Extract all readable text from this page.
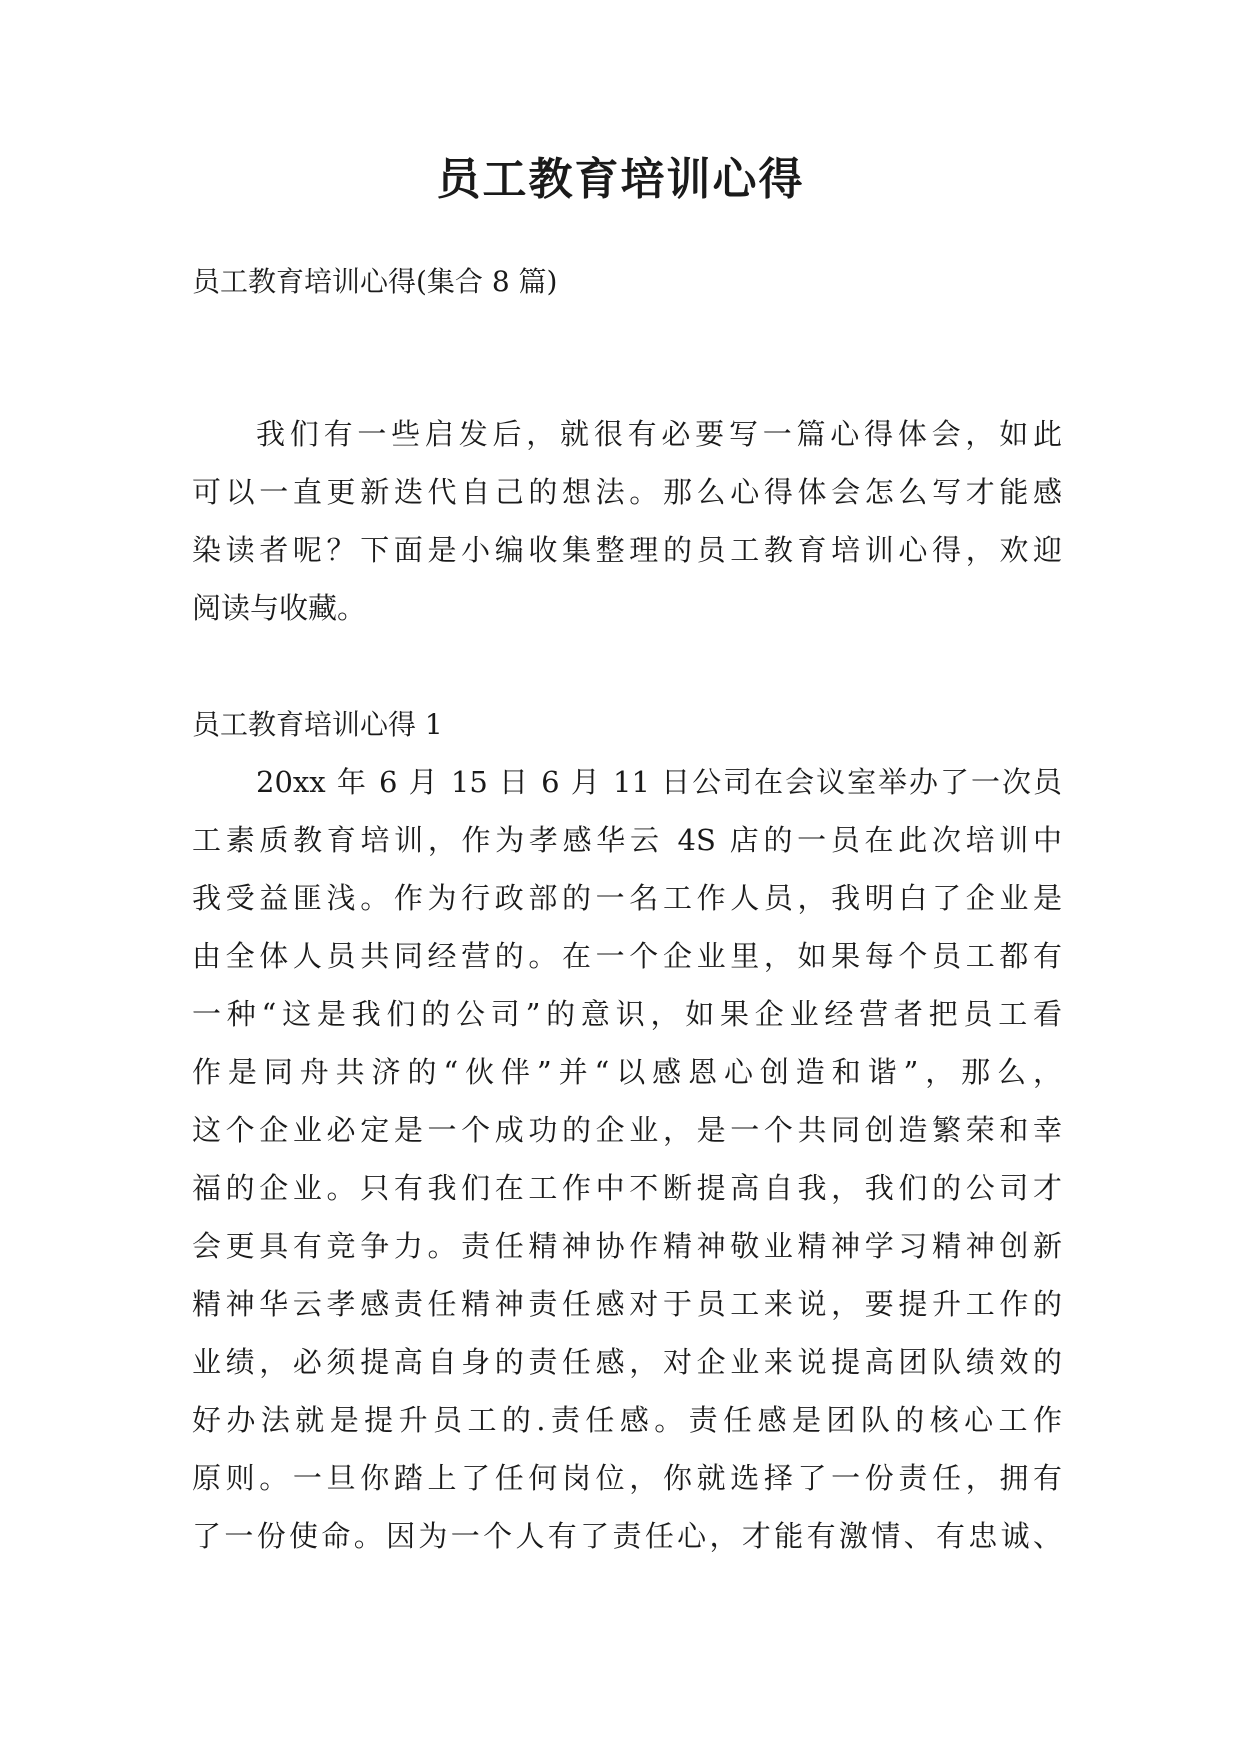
员工教育培训心得
员工教育培训心得(集合 8 篇)
我们有一些启发后，就很有必要写一篇心得体会，如此
可以一直更新迭代自己的想法。那么心得体会怎么写才能感
染读者呢？下面是小编收集整理的员工教育培训心得，欢迎
阅读与收藏。
员工教育培训心得 1
20xx 年 6 月 15 日 6 月 11 日公司在会议室举办了一次员
工素质教育培训，作为孝感华云 4S 店的一员在此次培训中
我受益匪浅。作为行政部的一名工作人员，我明白了企业是
由全体人员共同经营的。在一个企业里，如果每个员工都有
一种“这是我们的公司”的意识，如果企业经营者把员工看
作是同舟共济的“伙伴”并“以感恩心创造和谐”，那么，
这个企业必定是一个成功的企业，是一个共同创造繁荣和幸
福的企业。只有我们在工作中不断提高自我，我们的公司才
会更具有竞争力。责任精神协作精神敬业精神学习精神创新
精神华云孝感责任精神责任感对于员工来说，要提升工作的
业绩，必须提高自身的责任感，对企业来说提高团队绩效的
好办法就是提升员工的.责任感。责任感是团队的核心工作
原则。一旦你踏上了任何岗位，你就选择了一份责任，拥有
了一份使命。因为一个人有了责任心，才能有激情、有忠诚、
